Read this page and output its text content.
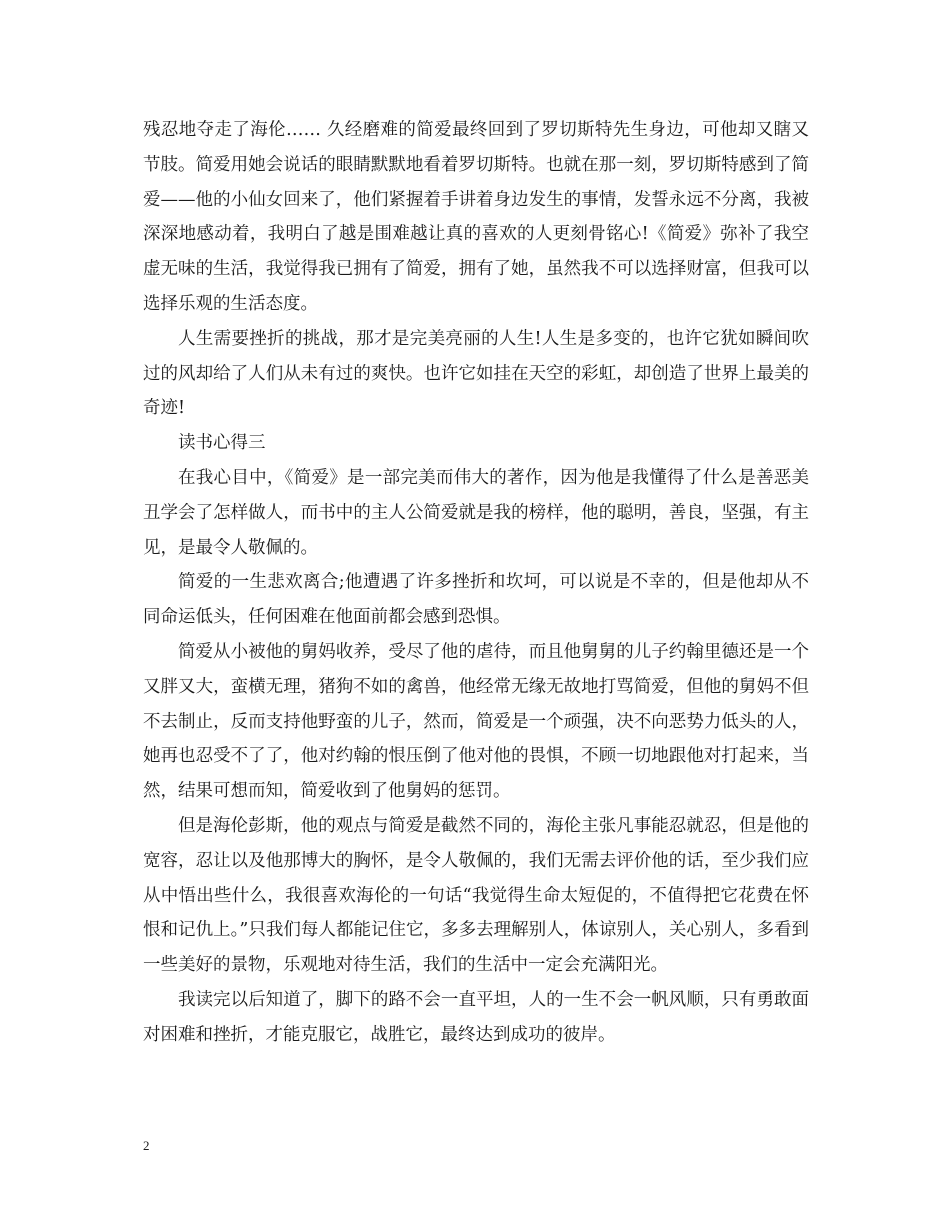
残忍地夺走了海伦…… 久经磨难的简爱最终回到了罗切斯特先生身边，可他却又瞎又节肢。简爱用她会说话的眼睛默默地看着罗切斯特。也就在那一刻，罗切斯特感到了简爱——他的小仙女回来了，他们紧握着手讲着身边发生的事情，发誓永远不分离，我被深深地感动着，我明白了越是围难越让真的喜欢的人更刻骨铭心!《简爱》弥补了我空虚无味的生活，我觉得我已拥有了简爱，拥有了她，虽然我不可以选择财富，但我可以选择乐观的生活态度。

人生需要挫折的挑战，那才是完美亮丽的人生!人生是多变的，也许它犹如瞬间吹过的风却给了人们从未有过的爽快。也许它如挂在天空的彩虹，却创造了世界上最美的奇迹!

读书心得三

在我心目中，《简爱》是一部完美而伟大的著作，因为他是我懂得了什么是善恶美丑学会了怎样做人，而书中的主人公简爱就是我的榜样，他的聪明，善良，坚强，有主见，是最令人敬佩的。

简爱的一生悲欢离合;他遭遇了许多挫折和坎坷，可以说是不幸的，但是他却从不同命运低头，任何困难在他面前都会感到恐惧。

简爱从小被他的舅妈收养，受尽了他的虐待，而且他舅舅的儿子约翰里德还是一个又胖又大，蛮横无理，猪狗不如的禽兽，他经常无缘无故地打骂简爱，但他的舅妈不但不去制止，反而支持他野蛮的儿子，然而，简爱是一个顽强，决不向恶势力低头的人，她再也忍受不了了，他对约翰的恨压倒了他对他的畏惧，不顾一切地跟他对打起来，当然，结果可想而知，简爱收到了他舅妈的惩罚。

但是海伦彭斯，他的观点与简爱是截然不同的，海伦主张凡事能忍就忍，但是他的宽容，忍让以及他那博大的胸怀，是令人敬佩的，我们无需去评价他的话，至少我们应从中悟出些什么，我很喜欢海伦的一句话“我觉得生命太短促的，不值得把它花费在怀恨和记仇上。”只我们每人都能记住它，多多去理解别人，体谅别人，关心别人，多看到一些美好的景物，乐观地对待生活，我们的生活中一定会充满阳光。

我读完以后知道了，脚下的路不会一直平坦，人的一生不会一帆风顺，只有勇敢面对困难和挫折，才能克服它，战胜它，最终达到成功的彼岸。

2
